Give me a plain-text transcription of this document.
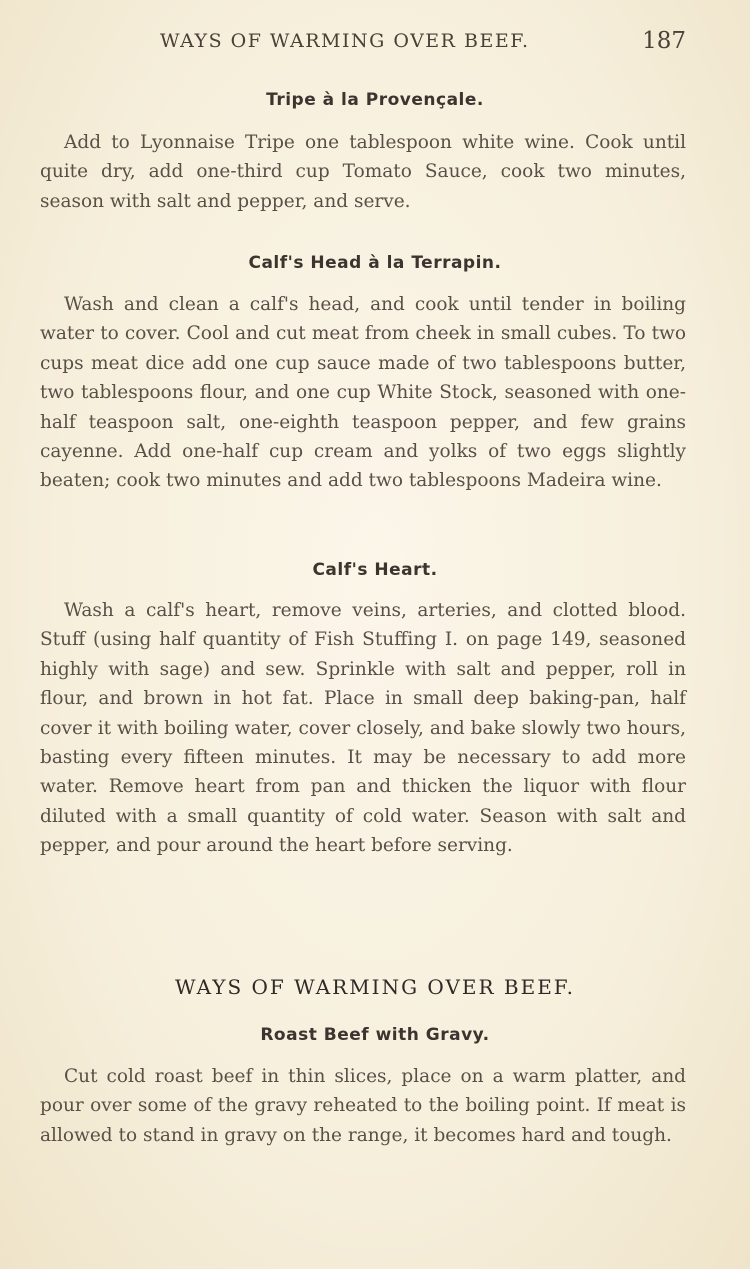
WAYS OF WARMING OVER BEEF.	187
Tripe à la Provençale.

Add to Lyonnaise Tripe one tablespoon white wine. Cook until quite dry, add one-third cup Tomato Sauce, cook two minutes, season with salt and pepper, and serve.

Calf's Head à la Terrapin.

Wash and clean a calf's head, and cook until tender in boiling water to cover. Cool and cut meat from cheek in small cubes. To two cups meat dice add one cup sauce made of two tablespoons butter, two tablespoons flour, and one cup White Stock, seasoned with one-half teaspoon salt, one-eighth teaspoon pepper, and few grains cayenne. Add one-half cup cream and yolks of two eggs slightly beaten; cook two minutes and add two tablespoons Madeira wine.

Calf's Heart.

Wash a calf's heart, remove veins, arteries, and clotted blood. Stuff (using half quantity of Fish Stuffing I. on page 149, seasoned highly with sage) and sew. Sprinkle with salt and pepper, roll in flour, and brown in hot fat. Place in small deep baking-pan, half cover it with boiling water, cover closely, and bake slowly two hours, basting every fifteen minutes. It may be necessary to add more water. Remove heart from pan and thicken the liquor with flour diluted with a small quantity of cold water. Season with salt and pepper, and pour around the heart before serving.

WAYS OF WARMING OVER BEEF.
Roast Beef with Gravy.

Cut cold roast beef in thin slices, place on a warm platter, and pour over some of the gravy reheated to the boiling point. If meat is allowed to stand in gravy on the range, it becomes hard and tough.
